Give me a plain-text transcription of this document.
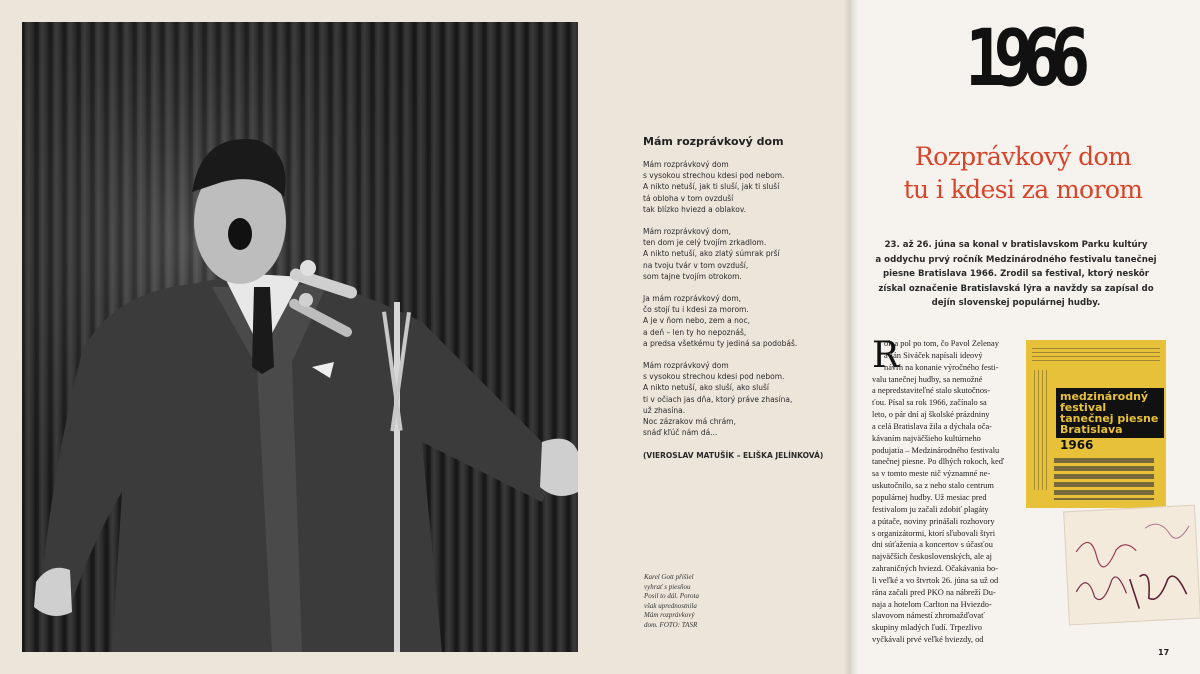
Karel Gott přišiel
vyhrať s piesňou
Posil to dál. Porota
však uprednostnila
Mám rozprávkový
dom. FOTO: TASR
Mám rozprávkový dom
Mám rozprávkový dom
s vysokou strechou kdesi pod nebom.
A nikto netuší, jak ti sluší, jak ti sluší
tá obloha v tom ovzduší
tak blízko hviezd a oblakov.
Mám rozprávkový dom,
ten dom je celý tvojím zrkadlom.
A nikto netuší, ako zlatý súmrak prší
na tvoju tvár v tom ovzduší,
som tajne tvojím otrokom.
Ja mám rozprávkový dom,
čo stojí tu i kdesi za morom.
A je v ňom nebo, zem a noc,
a deň – len ty ho nepoznáš,
a predsa všetkému ty jediná sa podobáš.
Mám rozprávkový dom
s vysokou strechou kdesi pod nebom.
A nikto netuší, ako sluší, ako sluší
ti v očiach jas dňa, ktorý práve zhasína,
už zhasína.
Noc zázrakov má chrám,
snáď kľúč nám dá...
(VIEROSLAV MATUŠÍK – ELIŠKA JELÍNKOVÁ)
1966
Rozprávkový dom
tu i kdesi za morom
23. až 26. júna sa konal v bratislavskom Parku kultúry
a oddychu prvý ročník Medzinárodného festivalu tanečnej
piesne Bratislava 1966. Zrodil sa festival, ktorý neskôr
získal označenie Bratislavská lýra a navždy sa zapísal do
dejín slovenskej populárnej hudby.
R
ok a pol po tom, čo Pavol Zelenay
a Ján Siváček napísali ideový
návrh na konanie výročného festi-
valu tanečnej hudby, sa nemožné
a nepredstaviteľné stalo skutočnos-
ťou. Písal sa rok 1966, začínalo sa
leto, o pár dní aj školské prázdniny
a celá Bratislava žila a dýchala oča-
kávaním najväčšieho kultúrneho
podujatia – Medzinárodného festivalu
tanečnej piesne. Po dlhých rokoch, keď
sa v tomto meste nič významné ne-
uskutočnilo, sa z neho stalo centrum
populárnej hudby. Už mesiac pred
festivalom ju začali zdobiť plagáty
a pútače, noviny prinášali rozhovory
s organizátormi, ktorí sľubovali štyri
dni súťaženia a koncertov s účasťou
najväčších československých, ale aj
zahraničných hviezd. Očakávania bo-
li veľké a vo štvrtok 26. júna sa už od
rána začali pred PKO na nábreží Du-
naja a hotelom Carlton na Hviezdo-
slavovom námestí zhromažďovať
skupiny mladých ľudí. Trpezlivo
vyčkávali prvé veľké hviezdy, od
medzinárodný
festival
tanečnej piesne
Bratislava
1966
17
